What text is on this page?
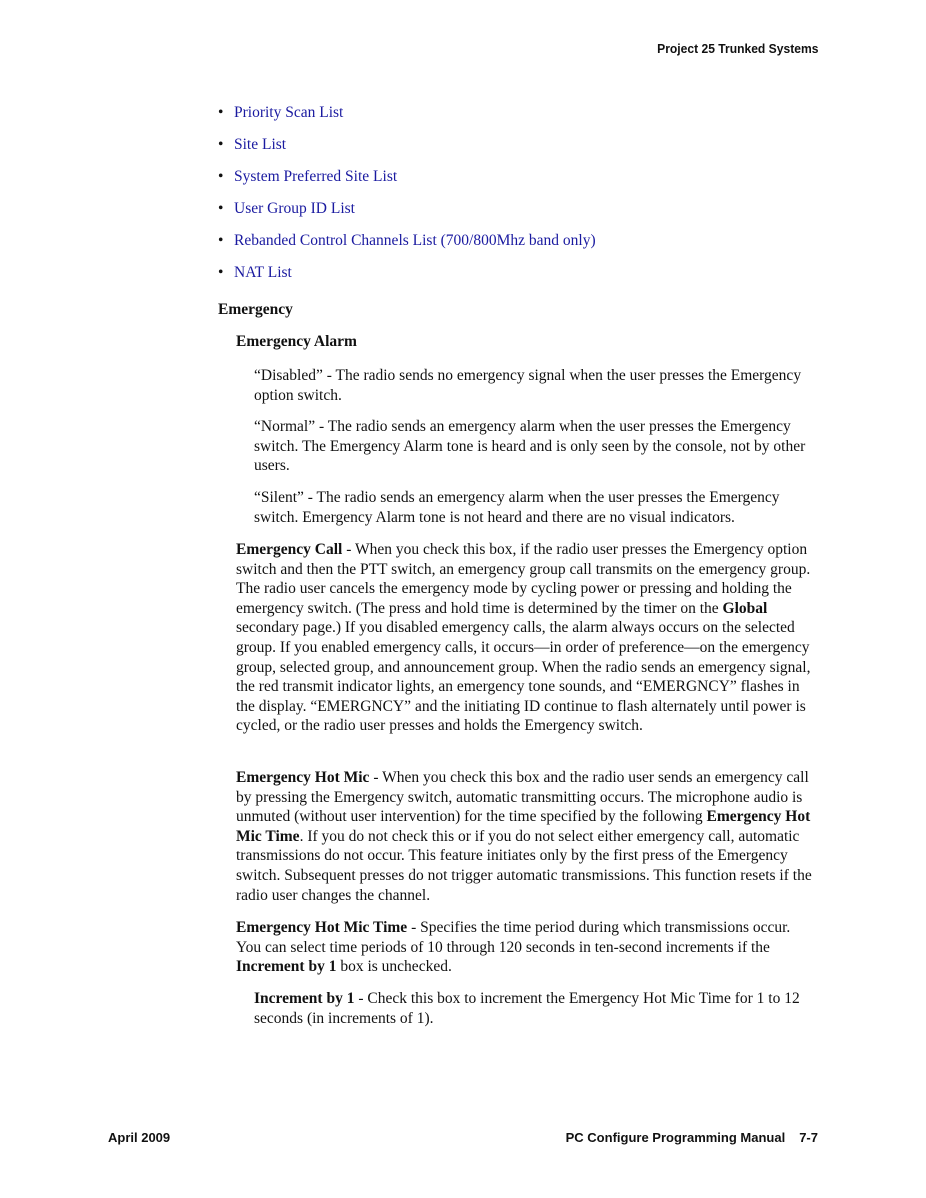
Project 25 Trunked Systems
• Priority Scan List
• Site List
• System Preferred Site List
• User Group ID List
• Rebanded Control Channels List (700/800Mhz band only)
• NAT List
Emergency
Emergency Alarm

“Disabled” - The radio sends no emergency signal when the user presses the Emergency option switch.

“Normal” - The radio sends an emergency alarm when the user presses the Emergency switch. The Emergency Alarm tone is heard and is only seen by the console, not by other users.

“Silent” - The radio sends an emergency alarm when the user presses the Emergency switch. Emergency Alarm tone is not heard and there are no visual indicators.

Emergency Call - When you check this box, if the radio user presses the Emergency option switch and then the PTT switch, an emergency group call transmits on the emergency group. The radio user cancels the emergency mode by cycling power or pressing and holding the emergency switch. (The press and hold time is determined by the timer on the Global secondary page.) If you disabled emergency calls, the alarm always occurs on the selected group. If you enabled emergency calls, it occurs—in order of preference—on the emergency group, selected group, and announcement group. When the radio sends an emergency signal, the red transmit indicator lights, an emergency tone sounds, and “EMERGNCY” flashes in the display. “EMERGNCY” and the initiating ID continue to flash alternately until power is cycled, or the radio user presses and holds the Emergency switch.

Emergency Hot Mic - When you check this box and the radio user sends an emergency call by pressing the Emergency switch, automatic transmitting occurs. The microphone audio is unmuted (without user intervention) for the time specified by the following Emergency Hot Mic Time. If you do not check this or if you do not select either emergency call, automatic transmissions do not occur. This feature initiates only by the first press of the Emergency switch. Subsequent presses do not trigger automatic transmissions. This function resets if the radio user changes the channel.

Emergency Hot Mic Time - Specifies the time period during which transmissions occur. You can select time periods of 10 through 120 seconds in ten-second increments if the Increment by 1 box is unchecked.

Increment by 1 - Check this box to increment the Emergency Hot Mic Time for 1 to 12 seconds (in increments of 1).

April 2009	PC Configure Programming Manual 7-7
